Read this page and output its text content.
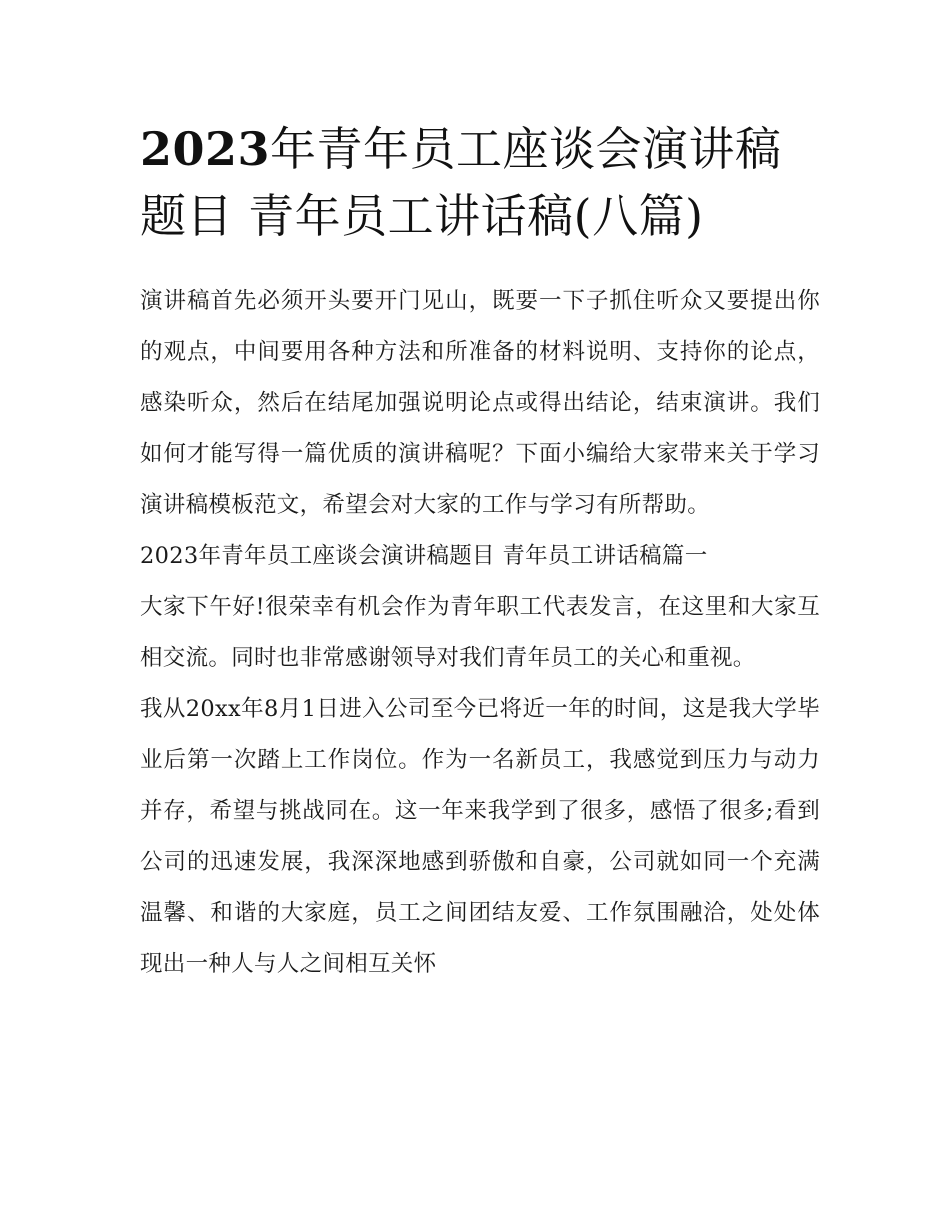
2023年青年员工座谈会演讲稿题目 青年员工讲话稿(八篇)

演讲稿首先必须开头要开门见山，既要一下子抓住听众又要提出你的观点，中间要用各种方法和所准备的材料说明、支持你的论点，感染听众，然后在结尾加强说明论点或得出结论，结束演讲。我们如何才能写得一篇优质的演讲稿呢？下面小编给大家带来关于学习演讲稿模板范文，希望会对大家的工作与学习有所帮助。

2023年青年员工座谈会演讲稿题目 青年员工讲话稿篇一

大家下午好!很荣幸有机会作为青年职工代表发言，在这里和大家互相交流。同时也非常感谢领导对我们青年员工的关心和重视。

我从20xx年8月1日进入公司至今已将近一年的时间，这是我大学毕业后第一次踏上工作岗位。作为一名新员工，我感觉到压力与动力并存，希望与挑战同在。这一年来我学到了很多，感悟了很多;看到公司的迅速发展，我深深地感到骄傲和自豪，公司就如同一个充满温馨、和谐的大家庭，员工之间团结友爱、工作氛围融洽，处处体现出一种人与人之间相互关怀
